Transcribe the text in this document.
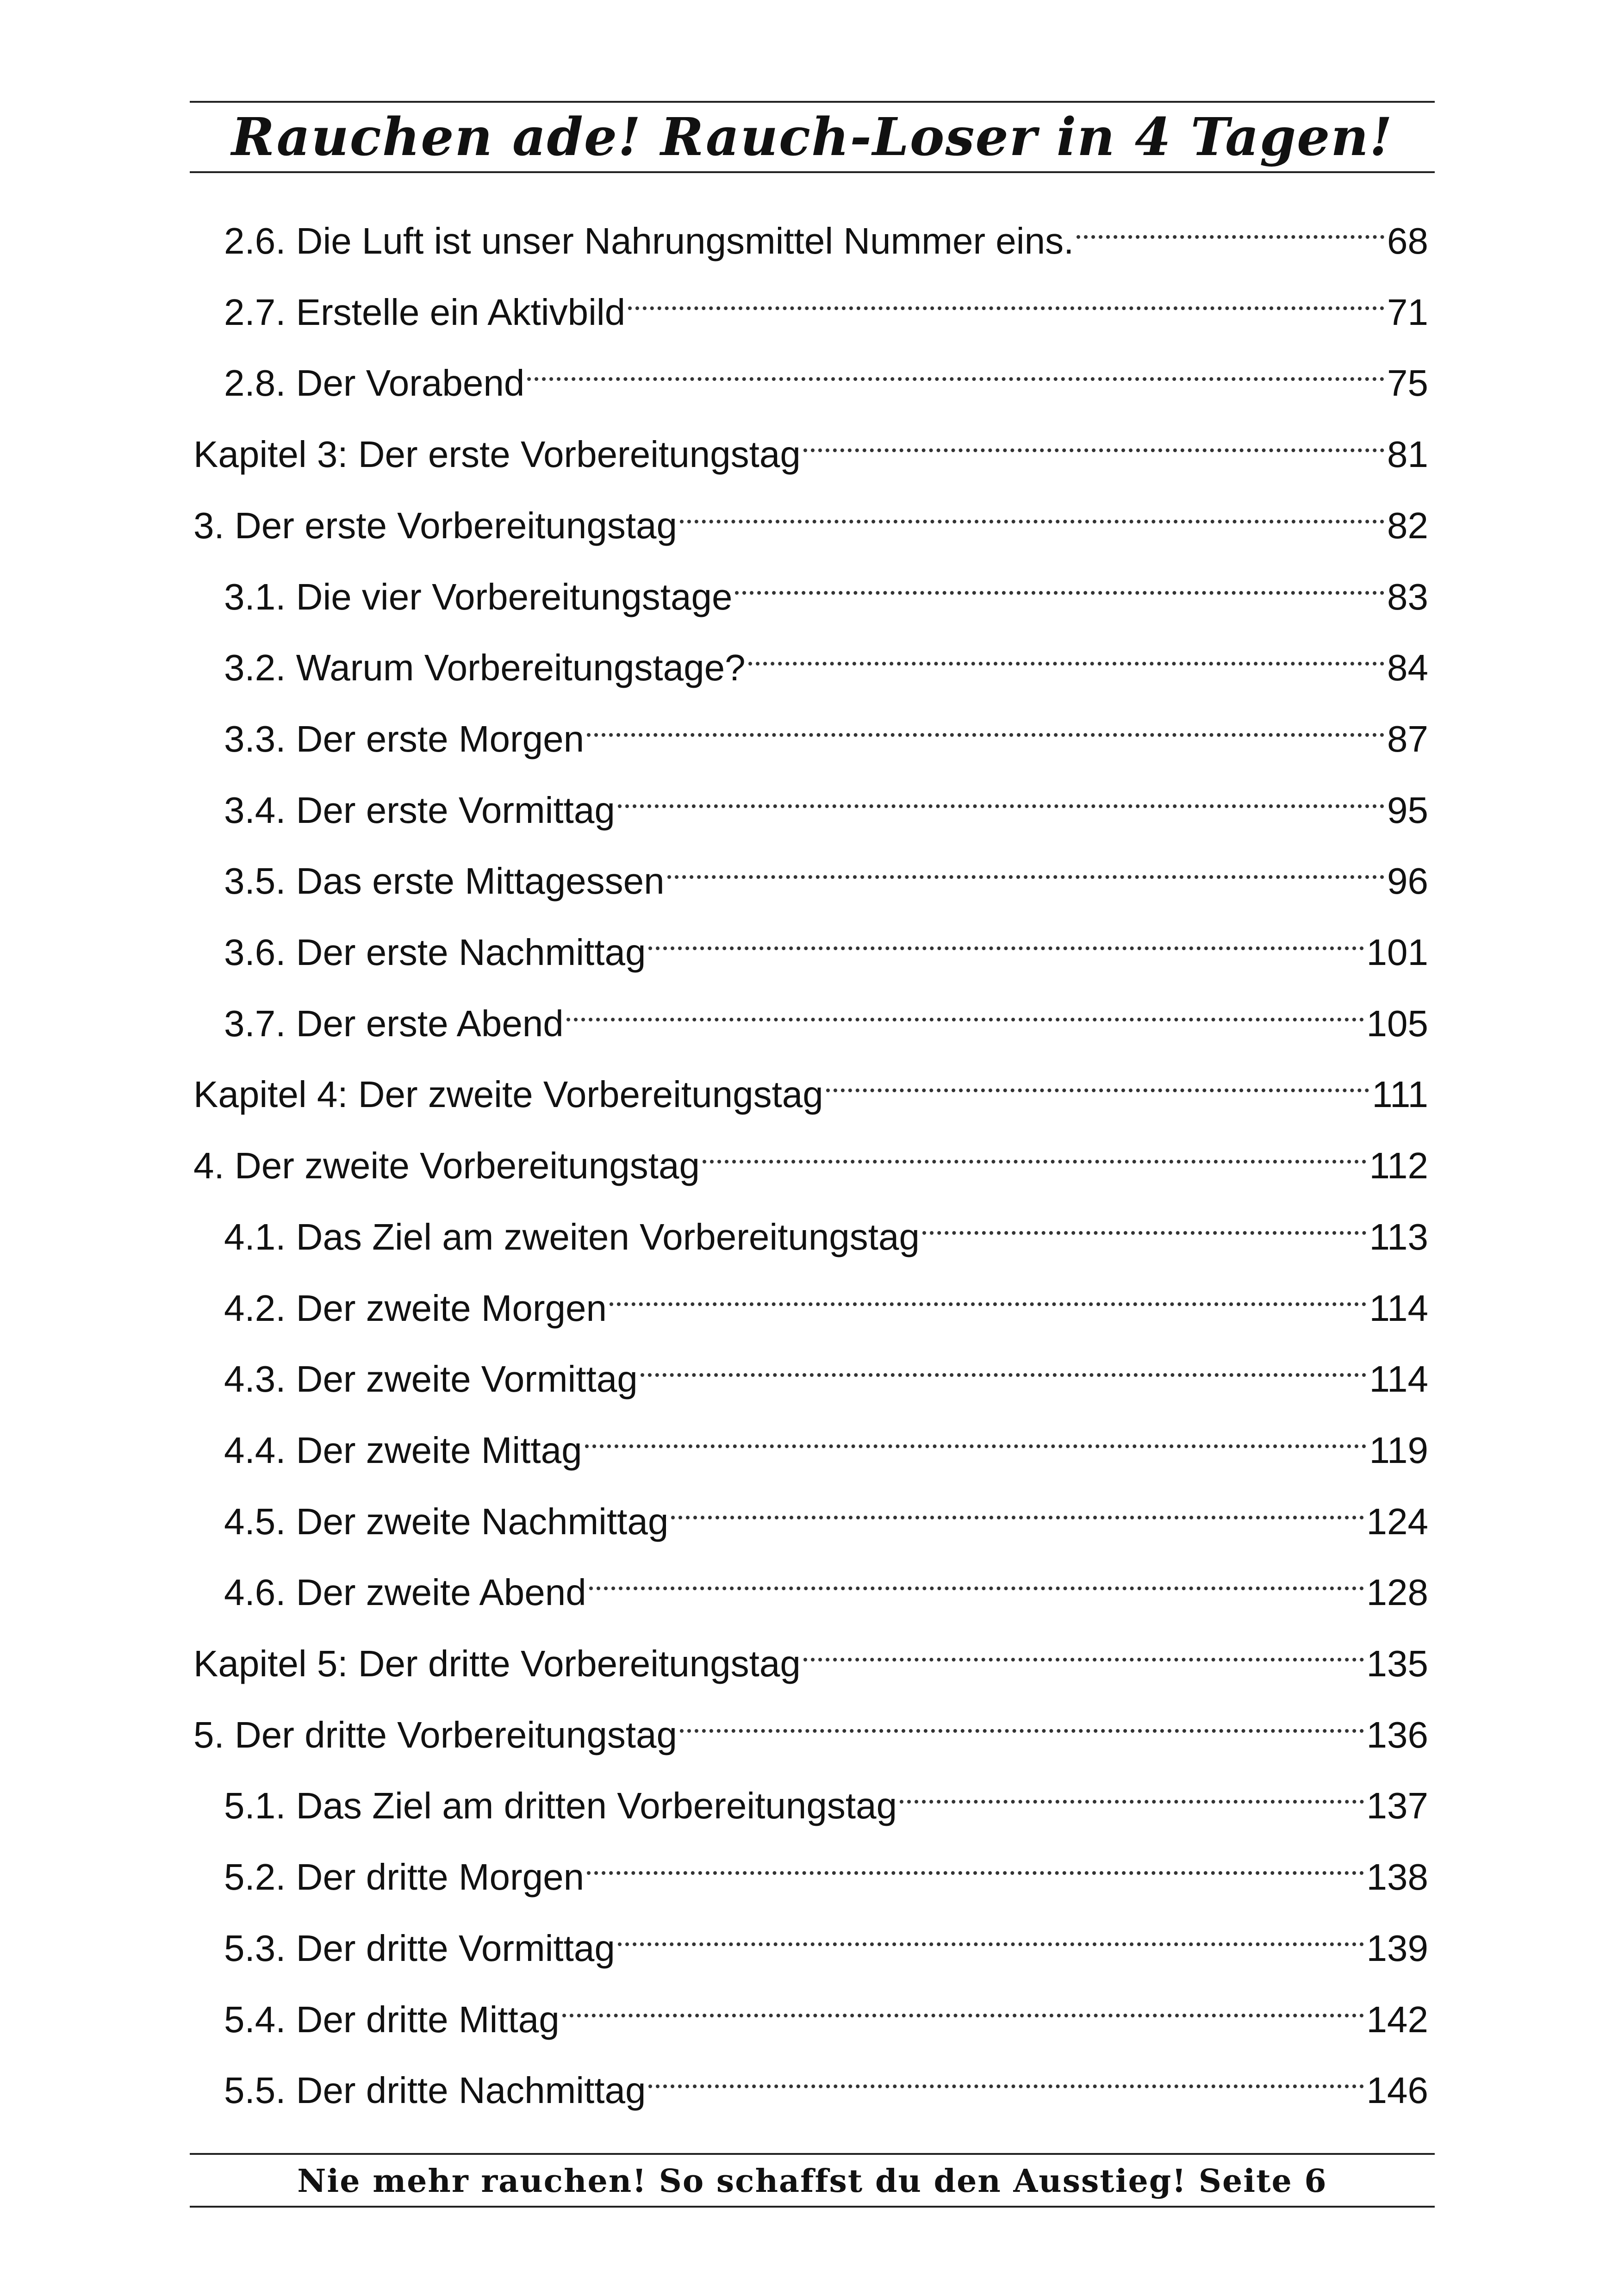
Rauchen ade! Rauch-Loser in 4 Tagen!
2.6. Die Luft ist unser Nahrungsmittel Nummer eins.	68
2.7. Erstelle ein Aktivbild	71
2.8. Der Vorabend	75
Kapitel 3: Der erste Vorbereitungstag	81
3. Der erste Vorbereitungstag	82
3.1. Die vier Vorbereitungstage	83
3.2. Warum Vorbereitungstage?	84
3.3. Der erste Morgen	87
3.4. Der erste Vormittag	95
3.5. Das erste Mittagessen	96
3.6. Der erste Nachmittag	101
3.7. Der erste Abend	105
Kapitel 4: Der zweite Vorbereitungstag	111
4. Der zweite Vorbereitungstag	112
4.1. Das Ziel am zweiten Vorbereitungstag	113
4.2. Der zweite Morgen	114
4.3. Der zweite Vormittag	114
4.4. Der zweite Mittag	119
4.5. Der zweite Nachmittag	124
4.6. Der zweite Abend	128
Kapitel 5: Der dritte Vorbereitungstag	135
5. Der dritte Vorbereitungstag	136
5.1. Das Ziel am dritten Vorbereitungstag	137
5.2. Der dritte Morgen	138
5.3. Der dritte Vormittag	139
5.4. Der dritte Mittag	142
5.5. Der dritte Nachmittag	146
Nie mehr rauchen! So schaffst du den Ausstieg! Seite 6
